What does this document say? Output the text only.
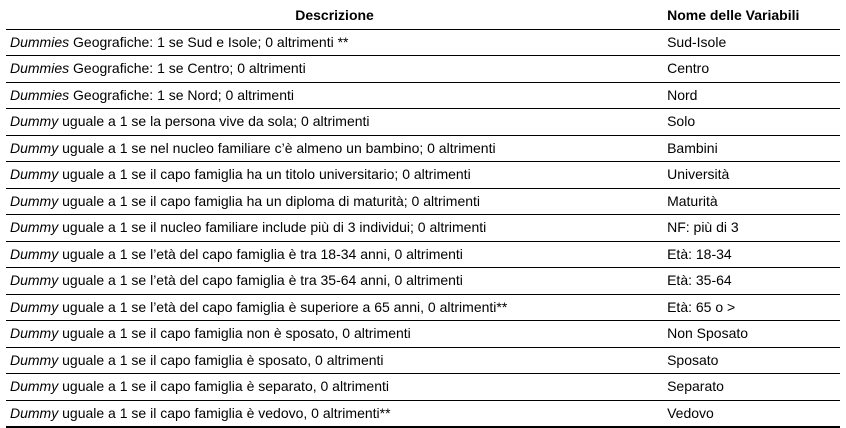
Descrizione	Nome delle Variabili
Dummies Geografiche: 1 se Sud e Isole; 0 altrimenti **	Sud-Isole
Dummies Geografiche: 1 se Centro; 0 altrimenti	Centro
Dummies Geografiche: 1 se Nord; 0 altrimenti	Nord
Dummy uguale a 1 se la persona vive da sola; 0 altrimenti	Solo
Dummy uguale a 1 se nel nucleo familiare c’è almeno un bambino; 0 altrimenti	Bambini
Dummy uguale a 1 se il capo famiglia ha un titolo universitario; 0 altrimenti	Università
Dummy uguale a 1 se il capo famiglia ha un diploma di maturità; 0 altrimenti	Maturità
Dummy uguale a 1 se il nucleo familiare include più di 3 individui; 0 altrimenti	NF: più di 3
Dummy uguale a 1 se l’età del capo famiglia è tra 18-34 anni, 0 altrimenti	Età: 18-34
Dummy uguale a 1 se l’età del capo famiglia è tra 35-64 anni, 0 altrimenti	Età: 35-64
Dummy uguale a 1 se l’età del capo famiglia è superiore a 65 anni, 0 altrimenti**	Età: 65 o >
Dummy uguale a 1 se il capo famiglia non è sposato, 0 altrimenti	Non Sposato
Dummy uguale a 1 se il capo famiglia è sposato, 0 altrimenti	Sposato
Dummy uguale a 1 se il capo famiglia è separato, 0 altrimenti	Separato
Dummy uguale a 1 se il capo famiglia è vedovo, 0 altrimenti**	Vedovo
